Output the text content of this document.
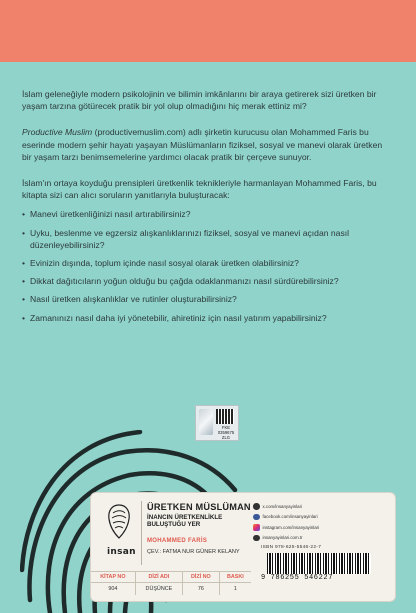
İslam geleneğiyle modern psikolojinin ve bilimin imkânlarını bir araya getirerek sizi üretken bir yaşam tarzına götürecek pratik bir yol olup olmadığını hiç merak ettiniz mi?

Productive Muslim (productivemuslim.com) adlı şirketin kurucusu olan Mohammed Faris bu eserinde modern şehir hayatı yaşayan Müslümanların fiziksel, sosyal ve manevi olarak üretken bir yaşam tarzı benimsemelerine yardımcı olacak pratik bir çerçeve sunuyor.

İslam'ın ortaya koyduğu prensipleri üretkenlik teknikleriyle harmanlayan Mohammed Faris, bu kitapta sizi can alıcı soruların yanıtlarıyla buluşturacak:

• Manevi üretkenliğinizi nasıl artırabilirsiniz?
• Uyku, beslenme ve egzersiz alışkanlıklarınızı fiziksel, sosyal ve manevi açıdan nasıl düzenleyebilirsiniz?
• Evinizin dışında, toplum içinde nasıl sosyal olarak üretken olabilirsiniz?
• Dikkat dağıtıcıların yoğun olduğu bu çağda odaklanmanızı nasıl sürdürebilirsiniz?
• Nasıl üretken alışkanlıklar ve rutinler oluşturabilirsiniz?
• Zamanınızı nasıl daha iyi yönetebilir, ahiretiniz için nasıl yatırım yapabilirsiniz?
FKE 0359675 ZLG
insan
ÜRETKEN MÜSLÜMAN
İNANCIN ÜRETKENLİKLE BULUŞTUĞU YER
MOHAMMED FARİS
ÇEV.: FATMA NUR GÜNER KELANY
x.com/insanyayinlari
facebook.com/insanyayinlari
instagram.com/insanyayinlari
insanyayinlari.com.tr
ISBN 978-625-5546-22-7
9 786255 546227
KİTAP NO	DİZİ ADI	DİZİ NO	BASKI
904	DÜŞÜNCE	76	1
